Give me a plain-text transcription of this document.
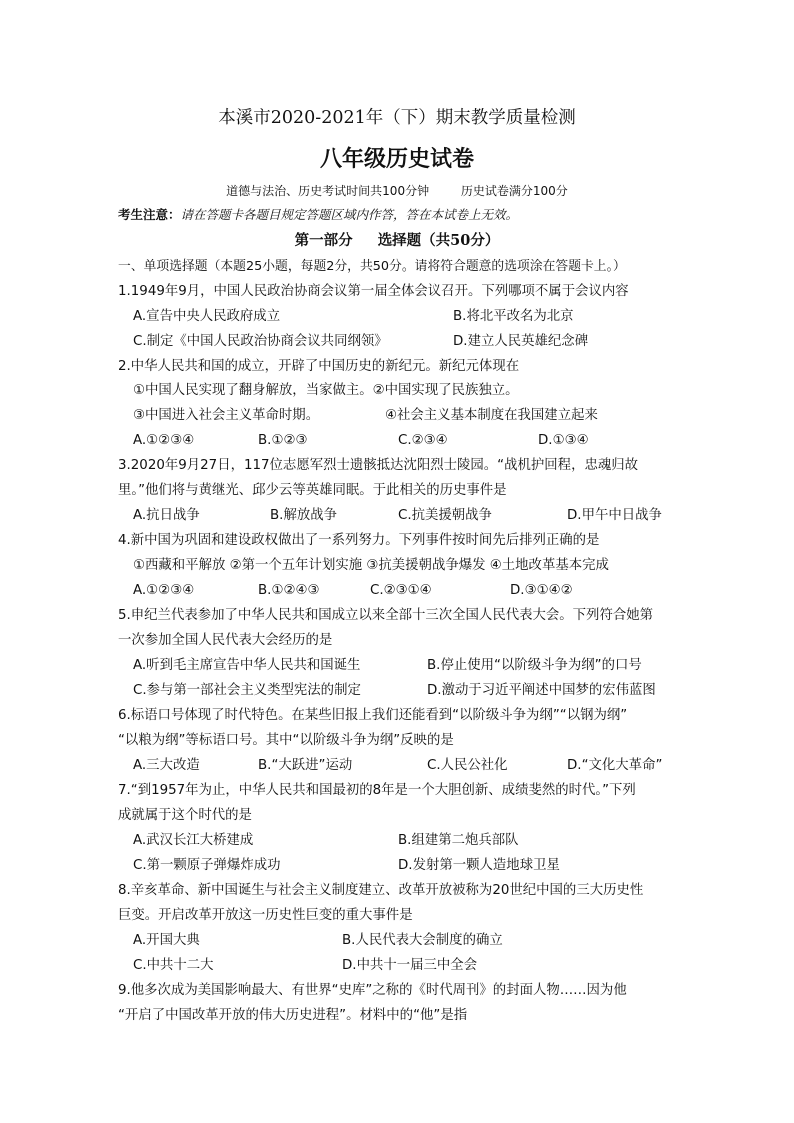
本溪市2020-2021年（下）期末教学质量检测
八年级历史试卷
道德与法治、历史考试时间共100分钟	历史试卷满分100分
考生注意：请在答题卡各题目规定答题区域内作答，答在本试卷上无效。
第一部分 选择题（共50分）
一、单项选择题（本题25小题，每题2分，共50分。请将符合题意的选项涂在答题卡上。）
1.1949年9月，中国人民政治协商会议第一届全体会议召开。下列哪项不属于会议内容
A.宣告中央人民政府成立	B.将北平改名为北京
C.制定《中国人民政治协商会议共同纲领》	D.建立人民英雄纪念碑
2.中华人民共和国的成立，开辟了中国历史的新纪元。新纪元体现在
①中国人民实现了翻身解放，当家做主。②中国实现了民族独立。
③中国进入社会主义革命时期。	④社会主义基本制度在我国建立起来
A.①②③④	B.①②③	C.②③④	D.①③④
3.2020年9月27日，117位志愿军烈士遗骸抵达沈阳烈士陵园。“战机护回程，忠魂归故
里。”他们将与黄继光、邱少云等英雄同眠。于此相关的历史事件是
A.抗日战争	B.解放战争	C.抗美援朝战争	D.甲午中日战争
4.新中国为巩固和建设政权做出了一系列努力。下列事件按时间先后排列正确的是
①西藏和平解放 ②第一个五年计划实施 ③抗美援朝战争爆发 ④土地改革基本完成
A.①②③④	B.①②④③	C.②③①④	D.③①④②
5.申纪兰代表参加了中华人民共和国成立以来全部十三次全国人民代表大会。下列符合她第
一次参加全国人民代表大会经历的是
A.听到毛主席宣告中华人民共和国诞生	B.停止使用“以阶级斗争为纲”的口号
C.参与第一部社会主义类型宪法的制定	D.激动于习近平阐述中国梦的宏伟蓝图
6.标语口号体现了时代特色。在某些旧报上我们还能看到“以阶级斗争为纲”“以钢为纲”
“以粮为纲”等标语口号。其中“以阶级斗争为纲”反映的是
A.三大改造	B.“大跃进”运动	C.人民公社化	D.“文化大革命”
7.“到1957年为止，中华人民共和国最初的8年是一个大胆创新、成绩斐然的时代。”下列
成就属于这个时代的是
A.武汉长江大桥建成	B.组建第二炮兵部队
C.第一颗原子弹爆炸成功	D.发射第一颗人造地球卫星
8.辛亥革命、新中国诞生与社会主义制度建立、改革开放被称为20世纪中国的三大历史性
巨变。开启改革开放这一历史性巨变的重大事件是
A.开国大典	B.人民代表大会制度的确立
C.中共十二大	D.中共十一届三中全会
9.他多次成为美国影响最大、有世界“史库”之称的《时代周刊》的封面人物……因为他
“开启了中国改革开放的伟大历史进程”。材料中的“他”是指
